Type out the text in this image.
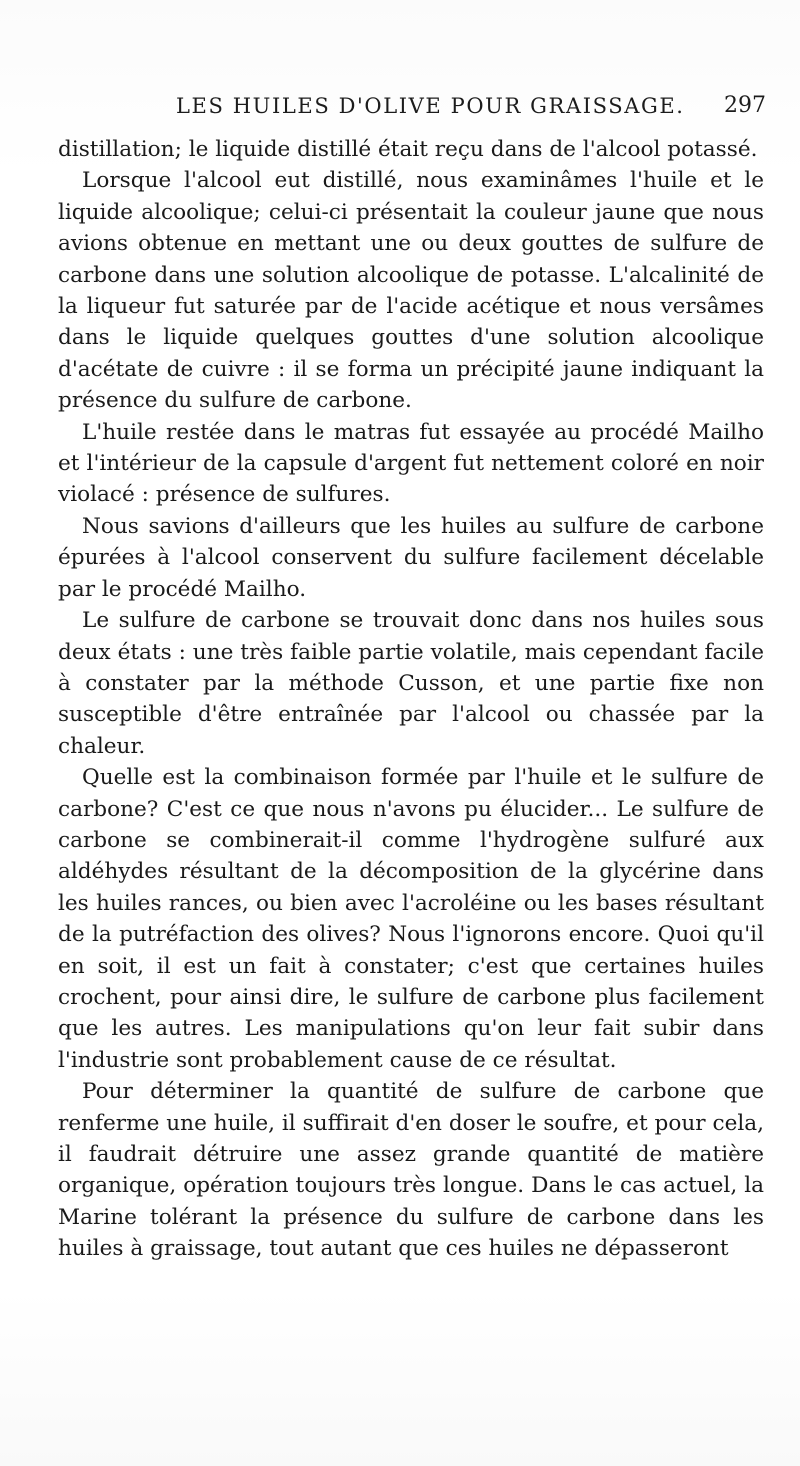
LES HUILES D'OLIVE POUR GRAISSAGE. 297

distillation; le liquide distillé était reçu dans de l'alcool potassé.

Lorsque l'alcool eut distillé, nous examinâmes l'huile et le liquide alcoolique; celui-ci présentait la couleur jaune que nous avions obtenue en mettant une ou deux gouttes de sulfure de carbone dans une solution alcoolique de potasse. L'alcalinité de la liqueur fut saturée par de l'acide acétique et nous versâmes dans le liquide quelques gouttes d'une solution alcoolique d'acétate de cuivre : il se forma un précipité jaune indiquant la présence du sulfure de carbone.

L'huile restée dans le matras fut essayée au procédé Mailho et l'intérieur de la capsule d'argent fut nettement coloré en noir violacé : présence de sulfures.

Nous savions d'ailleurs que les huiles au sulfure de carbone épurées à l'alcool conservent du sulfure facilement décelable par le procédé Mailho.

Le sulfure de carbone se trouvait donc dans nos huiles sous deux états : une très faible partie volatile, mais cependant facile à constater par la méthode Cusson, et une partie fixe non susceptible d'être entraînée par l'alcool ou chassée par la chaleur.

Quelle est la combinaison formée par l'huile et le sulfure de carbone? C'est ce que nous n'avons pu élucider... Le sulfure de carbone se combinerait-il comme l'hydrogène sulfuré aux aldéhydes résultant de la décomposition de la glycérine dans les huiles rances, ou bien avec l'acroléine ou les bases résultant de la putréfaction des olives? Nous l'ignorons encore. Quoi qu'il en soit, il est un fait à constater; c'est que certaines huiles crochent, pour ainsi dire, le sulfure de carbone plus facilement que les autres. Les manipulations qu'on leur fait subir dans l'industrie sont probablement cause de ce résultat.

Pour déterminer la quantité de sulfure de carbone que renferme une huile, il suffirait d'en doser le soufre, et pour cela, il faudrait détruire une assez grande quantité de matière organique, opération toujours très longue. Dans le cas actuel, la Marine tolérant la présence du sulfure de carbone dans les huiles à graissage, tout autant que ces huiles ne dépasseront
